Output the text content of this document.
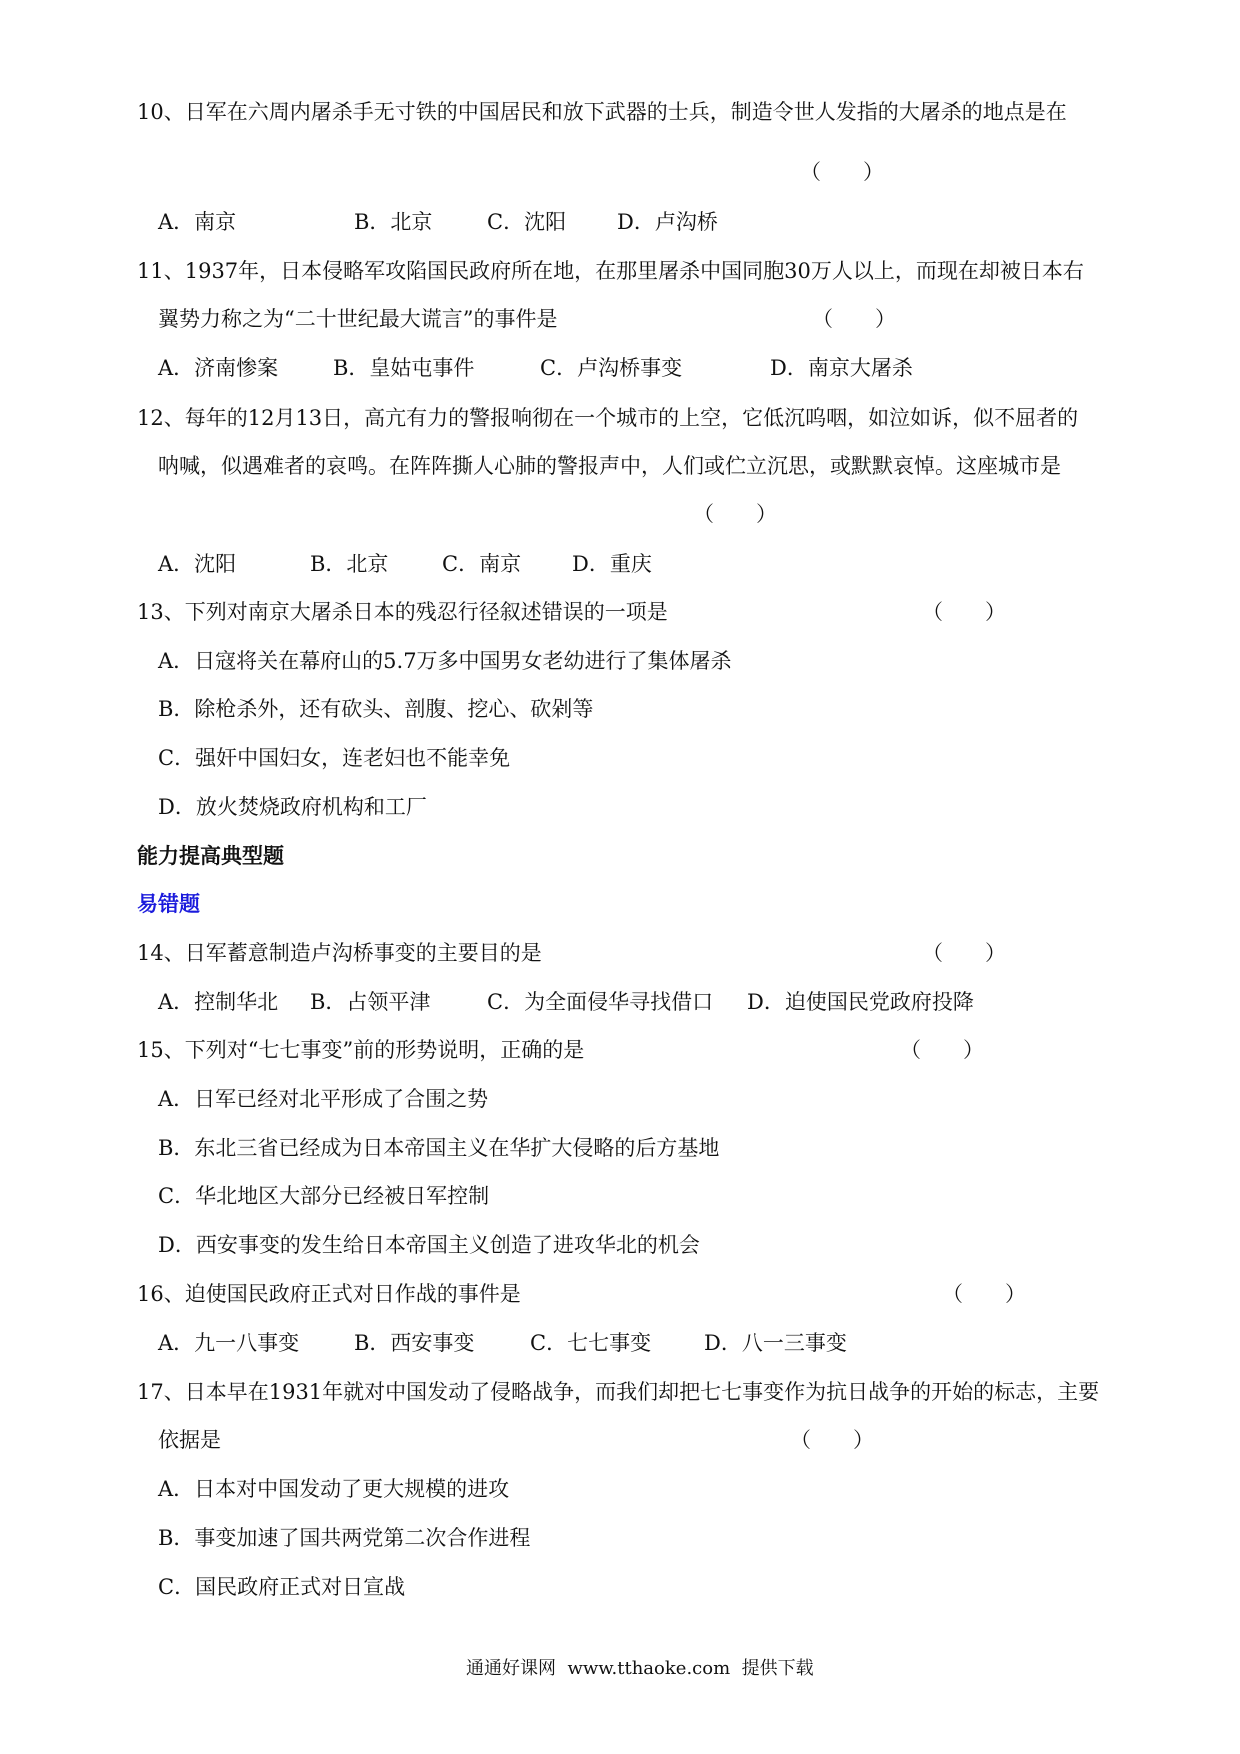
10、日军在六周内屠杀手无寸铁的中国居民和放下武器的士兵，制造令世人发指的大屠杀的地点是在
（　　）
A．南京	B．北京	C．沈阳 D．卢沟桥
11、1937年，日本侵略军攻陷国民政府所在地，在那里屠杀中国同胞30万人以上，而现在却被日本右
翼势力称之为“二十世纪最大谎言”的事件是	（　　）
A．济南惨案	B．皇姑屯事件	C．卢沟桥事变	D．南京大屠杀
12、每年的12月13日，高亢有力的警报响彻在一个城市的上空，它低沉呜咽，如泣如诉，似不屈者的
呐喊，似遇难者的哀鸣。在阵阵撕人心肺的警报声中，人们或伫立沉思，或默默哀悼。这座城市是
（　　）
A．沈阳	B．北京	C．南京 D．重庆
13、下列对南京大屠杀日本的残忍行径叙述错误的一项是	（　　）
A．日寇将关在幕府山的5.7万多中国男女老幼进行了集体屠杀
B．除枪杀外，还有砍头、剖腹、挖心、砍剁等
C．强奸中国妇女，连老妇也不能幸免
D．放火焚烧政府机构和工厂
能力提高典型题
易错题
14、日军蓄意制造卢沟桥事变的主要目的是	（　　）
A．控制华北 B．占领平津	C．为全面侵华寻找借口 D．迫使国民党政府投降
15、下列对“七七事变”前的形势说明，正确的是	（　　）
A．日军已经对北平形成了合围之势
B．东北三省已经成为日本帝国主义在华扩大侵略的后方基地
C．华北地区大部分已经被日军控制
D．西安事变的发生给日本帝国主义创造了进攻华北的机会
16、迫使国民政府正式对日作战的事件是	（　　）
A．九一八事变	B．西安事变	C．七七事变	D．八一三事变
17、日本早在1931年就对中国发动了侵略战争，而我们却把七七事变作为抗日战争的开始的标志，主要
依据是	（　　）
A．日本对中国发动了更大规模的进攻
B．事变加速了国共两党第二次合作进程
C．国民政府正式对日宣战
通通好课网  www.tthaoke.com  提供下载
